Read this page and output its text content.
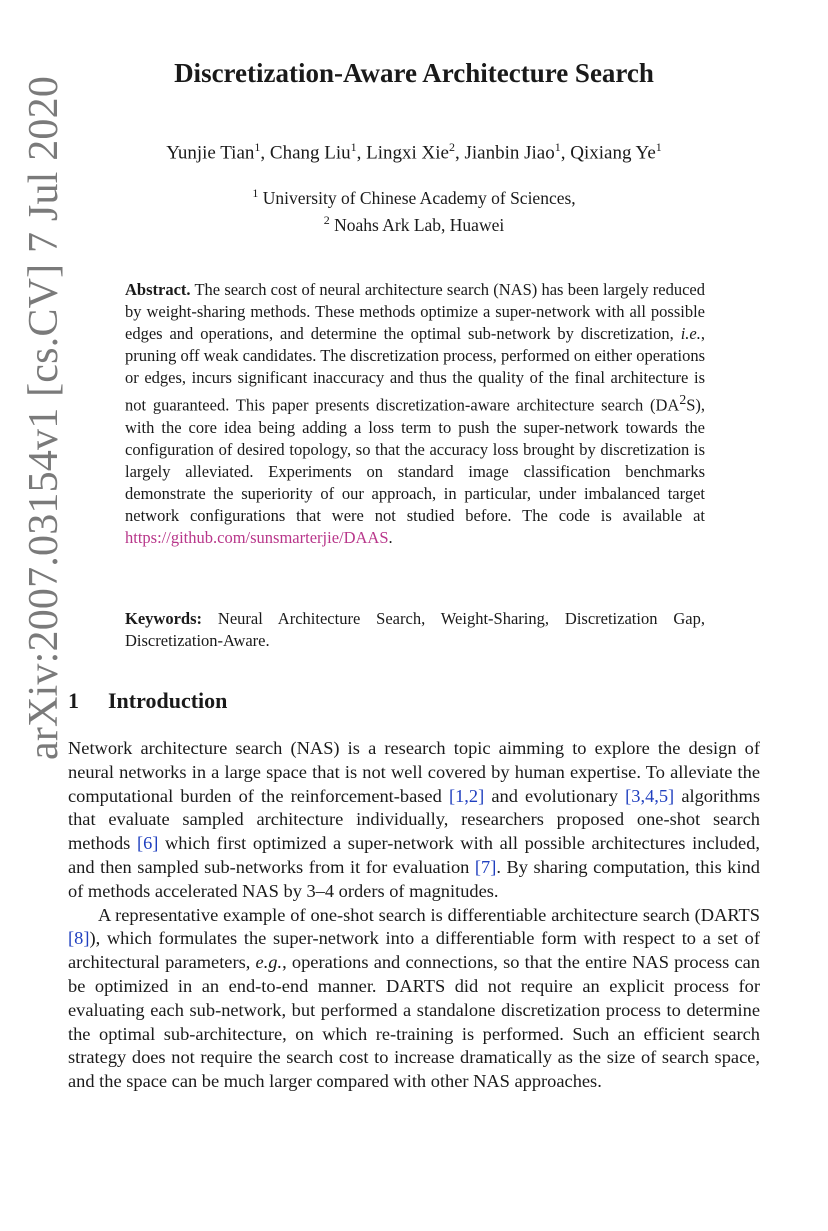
arXiv:2007.03154v1 [cs.CV] 7 Jul 2020
Discretization-Aware Architecture Search
Yunjie Tian$^1$, Chang Liu$^1$, Lingxi Xie$^2$, Jianbin Jiao$^1$, Qixiang Ye$^1$
$^1$ University of Chinese Academy of Sciences,
$^2$ Noahs Ark Lab, Huawei
Abstract. The search cost of neural architecture search (NAS) has been largely reduced by weight-sharing methods. These methods optimize a super-network with all possible edges and operations, and determine the optimal sub-network by discretization, i.e., pruning off weak candidates. The discretization process, performed on either operations or edges, incurs significant inaccuracy and thus the quality of the final architecture is not guaranteed. This paper presents discretization-aware architecture search $(DA^2S)$, with the core idea being adding a loss term to push the super-network towards the configuration of desired topology, so that the accuracy loss brought by discretization is largely alleviated. Experiments on standard image classification benchmarks demonstrate the superiority of our approach, in particular, under imbalanced target network configurations that were not studied before. The code is available at https://github.com/sunsmarterjie/DAAS.
Keywords: Neural Architecture Search, Weight-Sharing, Discretization Gap, Discretization-Aware.
1 Introduction

Network architecture search (NAS) is a research topic aimming to explore the design of neural networks in a large space that is not well covered by human expertise. To alleviate the computational burden of the reinforcement-based [1,2] and evolutionary [3,4,5] algorithms that evaluate sampled architecture individually, researchers proposed one-shot search methods [6] which first optimized a super-network with all possible architectures included, and then sampled sub-networks from it for evaluation [7]. By sharing computation, this kind of methods accelerated NAS by 3–4 orders of magnitudes.

A representative example of one-shot search is differentiable architecture search (DARTS [8]), which formulates the super-network into a differentiable form with respect to a set of architectural parameters, e.g., operations and connections, so that the entire NAS process can be optimized in an end-to-end manner. DARTS did not require an explicit process for evaluating each sub-network, but performed a standalone discretization process to determine the optimal sub-architecture, on which re-training is performed. Such an efficient search strategy does not require the search cost to increase dramatically as the size of search space, and the space can be much larger compared with other NAS approaches.
